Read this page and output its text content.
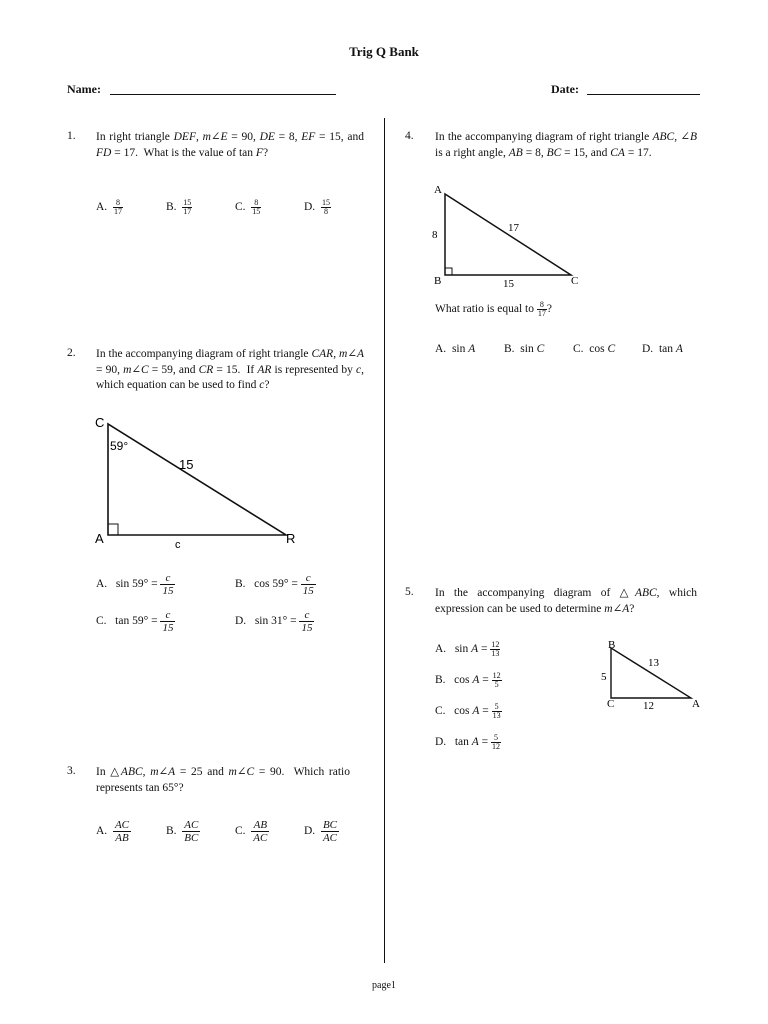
Trig Q Bank
Name:	Date:
1.	In right triangle DEF, m∠E = 90, DE = 8, EF = 15, and FD = 17.  What is the value of tan F?
A. $\frac{8}{17}$	B. $\frac{15}{17}$	C. $\frac{8}{15}$	D. $\frac{15}{8}$
2.	In the accompanying diagram of right triangle CAR, m∠A = 90, m∠C = 59, and CR = 15.  If AR is represented by c, which equation can be used to find c?
C
59°
15
A	R
c
A. $\sin 59^\circ = \frac{c}{15}$	B. $\cos 59^\circ = \frac{c}{15}$
C. $\tan 59^\circ = \frac{c}{15}$	D. $\sin 31^\circ = \frac{c}{15}$
3.	In △ABC, m∠A = 25 and m∠C = 90.  Which ratio represents tan 65°?
A. $\frac{AC}{AB}$	B. $\frac{AC}{BC}$	C. $\frac{AB}{AC}$	D. $\frac{BC}{AC}$
4.	In the accompanying diagram of right triangle ABC, ∠B is a right angle, AB = 8, BC = 15, and CA = 17.
A
B	C
8
15
17
What ratio is equal to $\frac{8}{17}$ ?
A. sin A B. sin C C. cos C D. tan A
5.	In the accompanying diagram of △ABC, which expression can be used to determine m∠A?
A. $\sin A = \frac{12}{13}$
B. $\cos A = \frac{12}{5}$
C. $\cos A = \frac{5}{13}$
D. $\tan A = \frac{5}{12}$
B
C	A
5
12
13
page1
